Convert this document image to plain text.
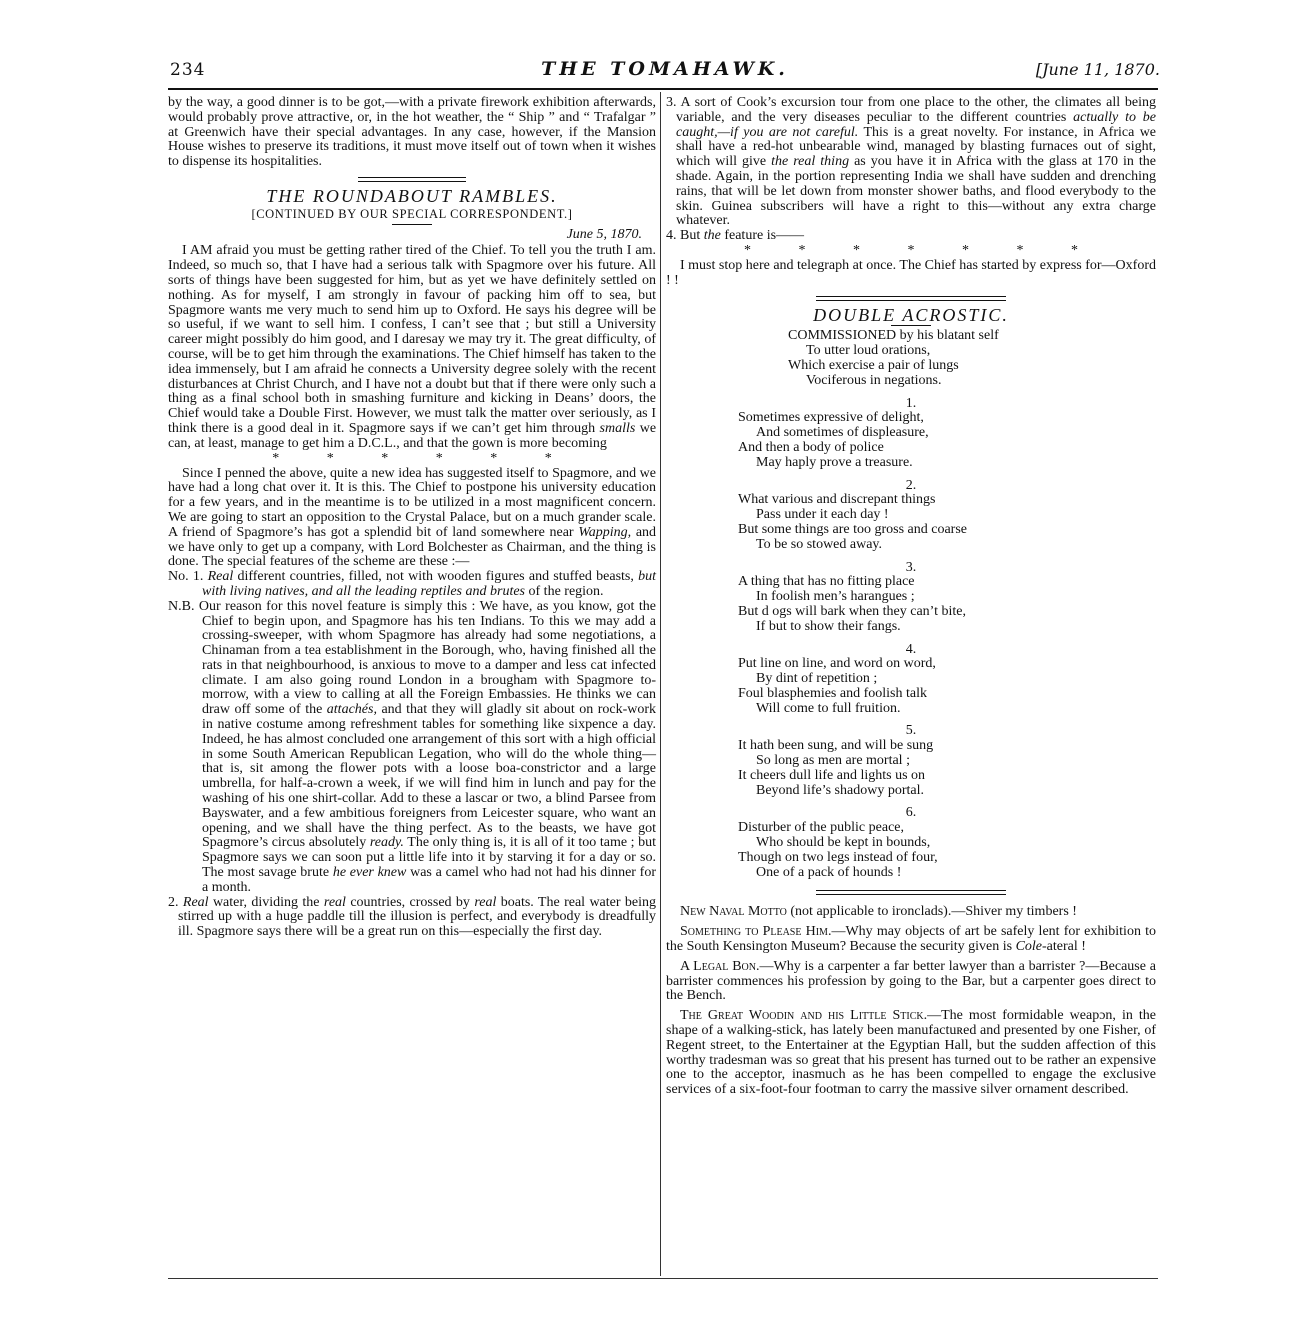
234	THE TOMAHAWK.	[June 11, 1870.

by the way, a good dinner is to be got,—with a private firework exhibition afterwards, would probably prove attractive, or, in the hot weather, the “ Ship ” and “ Trafalgar ” at Greenwich have their special advantages. In any case, however, if the Mansion House wishes to preserve its traditions, it must move itself out of town when it wishes to dispense its hospitalities.

THE ROUNDABOUT RAMBLES.
[CONTINUED BY OUR SPECIAL CORRESPONDENT.]
June 5, 1870.

I AM afraid you must be getting rather tired of the Chief. To tell you the truth I am. Indeed, so much so, that I have had a serious talk with Spagmore over his future. All sorts of things have been suggested for him, but as yet we have definitely settled on nothing. As for myself, I am strongly in favour of packing him off to sea, but Spagmore wants me very much to send him up to Oxford. He says his degree will be so useful, if we want to sell him. I confess, I can’t see that ; but still a University career might possibly do him good, and I daresay we may try it. The great difficulty, of course, will be to get him through the examinations. The Chief himself has taken to the idea immensely, but I am afraid he connects a University degree solely with the recent disturbances at Christ Church, and I have not a doubt but that if there were only such a thing as a final school both in smashing furniture and kicking in Deans’ doors, the Chief would take a Double First. However, we must talk the matter over seriously, as I think there is a good deal in it. Spagmore says if we can’t get him through smalls we can, at least, manage to get him a D.C.L., and that the gown is more becoming

* * * * * *

Since I penned the above, quite a new idea has suggested itself to Spagmore, and we have had a long chat over it. It is this. The Chief to postpone his university education for a few years, and in the meantime is to be utilized in a most magnificent concern. We are going to start an opposition to the Crystal Palace, but on a much grander scale. A friend of Spagmore’s has got a splendid bit of land somewhere near Wapping, and we have only to get up a company, with Lord Bolchester as Chairman, and the thing is done. The special features of the scheme are these :—

No. 1. Real different countries, filled, not with wooden figures and stuffed beasts, but with living natives, and all the leading reptiles and brutes of the region.

N.B. Our reason for this novel feature is simply this : We have, as you know, got the Chief to begin upon, and Spagmore has his ten Indians. To this we may add a crossing-sweeper, with whom Spagmore has already had some negotiations, a Chinaman from a tea establishment in the Borough, who, having finished all the rats in that neighbourhood, is anxious to move to a damper and less cat infected climate. I am also going round London in a brougham with Spagmore to-morrow, with a view to calling at all the Foreign Embassies. He thinks we can draw off some of the attachés, and that they will gladly sit about on rock-work in native costume among refreshment tables for something like sixpence a day. Indeed, he has almost concluded one arrangement of this sort with a high official in some South American Republican Legation, who will do the whole thing—that is, sit among the flower pots with a loose boa-constrictor and a large umbrella, for half-a-crown a week, if we will find him in lunch and pay for the washing of his one shirt-collar. Add to these a lascar or two, a blind Parsee from Bayswater, and a few ambitious foreigners from Leicester square, who want an opening, and we shall have the thing perfect. As to the beasts, we have got Spagmore’s circus absolutely ready. The only thing is, it is all of it too tame ; but Spagmore says we can soon put a little life into it by starving it for a day or so. The most savage brute he ever knew was a camel who had not had his dinner for a month.

2. Real water, dividing the real countries, crossed by real boats. The real water being stirred up with a huge paddle till the illusion is perfect, and everybody is dreadfully ill. Spagmore says there will be a great run on this—especially the first day.

3. A sort of Cook’s excursion tour from one place to the other, the climates all being variable, and the very diseases peculiar to the different countries actually to be caught,—if you are not careful. This is a great novelty. For instance, in Africa we shall have a red-hot unbearable wind, managed by blasting furnaces out of sight, which will give the real thing as you have it in Africa with the glass at 170 in the shade. Again, in the portion representing India we shall have sudden and drenching rains, that will be let down from monster shower baths, and flood everybody to the skin. Guinea subscribers will have a right to this—without any extra charge whatever.

4. But the feature is——

* * * * * * *

I must stop here and telegraph at once. The Chief has started by express for—Oxford ! !

DOUBLE ACROSTIC.
COMMISSIONED by his blatant self
To utter loud orations,
Which exercise a pair of lungs
Vociferous in negations.
1.
Sometimes expressive of delight,
And sometimes of displeasure,
And then a body of police
May haply prove a treasure.
2.
What various and discrepant things
Pass under it each day !
But some things are too gross and coarse
To be so stowed away.
3.
A thing that has no fitting place
In foolish men’s harangues ;
But d ogs will bark when they can’t bite,
If but to show their fangs.
4.
Put line on line, and word on word,
By dint of repetition ;
Foul blasphemies and foolish talk
Will come to full fruition.
5.
It hath been sung, and will be sung
So long as men are mortal ;
It cheers dull life and lights us on
Beyond life’s shadowy portal.
6.
Disturber of the public peace,
Who should be kept in bounds,
Though on two legs instead of four,
One of a pack of hounds !

New Naval Motto (not applicable to ironclads).—Shiver my timbers !

Something to Please Him.—Why may objects of art be safely lent for exhibition to the South Kensington Museum? Because the security given is Cole-ateral !

A Legal Bon.—Why is a carpenter a far better lawyer than a barrister ?—Because a barrister commences his profession by going to the Bar, but a carpenter goes direct to the Bench.

The Great Woodin and his Little Stick.—The most formidable weapɔn, in the shape of a walking-stick, has lately been manufactuʀed and presented by one Fisher, of Regent street, to the Entertainer at the Egyptian Hall, but the sudden affection of this worthy tradesman was so great that his present has turned out to be rather an expensive one to the acceptor, inasmuch as he has been compelled to engage the exclusive services of a six-foot-four footman to carry the massive silver ornament described.
